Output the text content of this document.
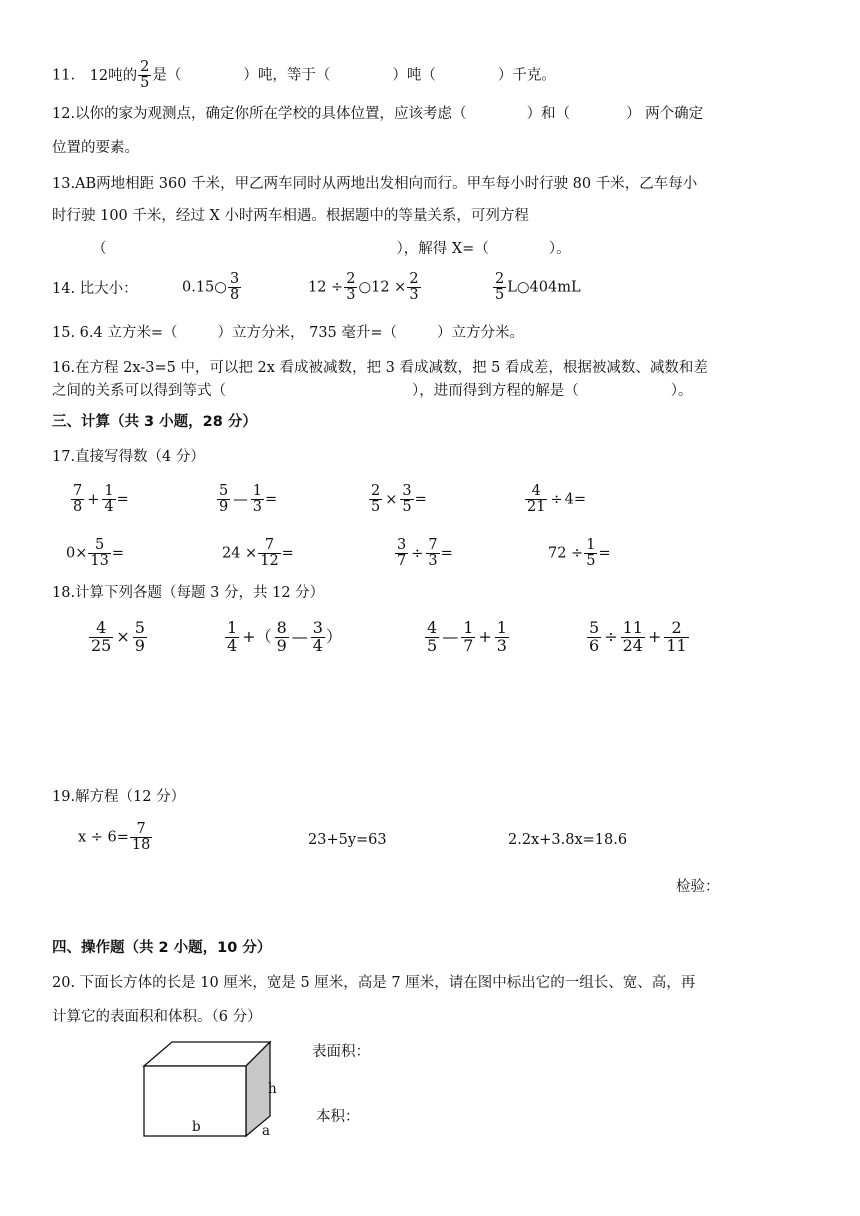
11. 12吨的 $\frac{2}{5}$ 是（	）吨，等于（	）吨（	）千克。
12.以你的家为观测点，确定你所在学校的具体位置，应该考虑（	）和（	） 两个确定
位置的要素。
13.AB两地相距 360 千米，甲乙两车同时从两地出发相向而行。甲车每小时行驶 80 千米，乙车每小
时行驶 100 千米，经过 X 小时两车相遇。根据题中的等量关系，可列方程
（	），解得 X=（	）。
14. 比大小：	0.15○ $\frac{3}{8}$	$12 \div \frac{2}{3}$ ○12 × $\frac{2}{3}$	$\frac{2}{5}$ L○404mL
15. 6.4 立方米=（	）立方分米， 735 毫升=（	）立方分米。
16.在方程 2x-3=5 中，可以把 2x 看成被减数，把 3 看成减数，把 5 看成差，根据被减数、减数和差
之间的关系可以得到等式（	），进而得到方程的解是（	）。
三、计算（共 3 小题，28 分）
17.直接写得数（4 分）
$\frac{7}{8} + \frac{1}{4}$ =	$\frac{5}{9}$ — $\frac{1}{3}$ =	$\frac{2}{5} \times \frac{3}{5}$ =	$\frac{4}{21} \div 4=$
$0\times \frac{5}{13}$ =	$24 \times \frac{7}{12}$ =	$\frac{3}{7} \div \frac{7}{3}$ =	$72 \div \frac{1}{5}$ =
18.计算下列各题（每题 3 分，共 12 分）
$\frac{4}{25} \times \frac{5}{9}$	$\frac{1}{4}$ +（ $\frac{8}{9}$ — $\frac{3}{4}$ ）	$\frac{4}{5}$ — $\frac{1}{7} + \frac{1}{3}$	$\frac{5}{6} \div \frac{11}{24} + \frac{2}{11}$
19.解方程（12 分）
$x \div 6= \frac{7}{18}$	23+5y=63	2.2x+3.8x=18.6
检验：
四、操作题（共 2 小题，10 分）
20. 下面长方体的长是 10 厘米，宽是 5 厘米，高是 7 厘米，请在图中标出它的一组长、宽、高，再
计算它的表面积和体积。（6 分）
h
b	a
表面积：
本积：
